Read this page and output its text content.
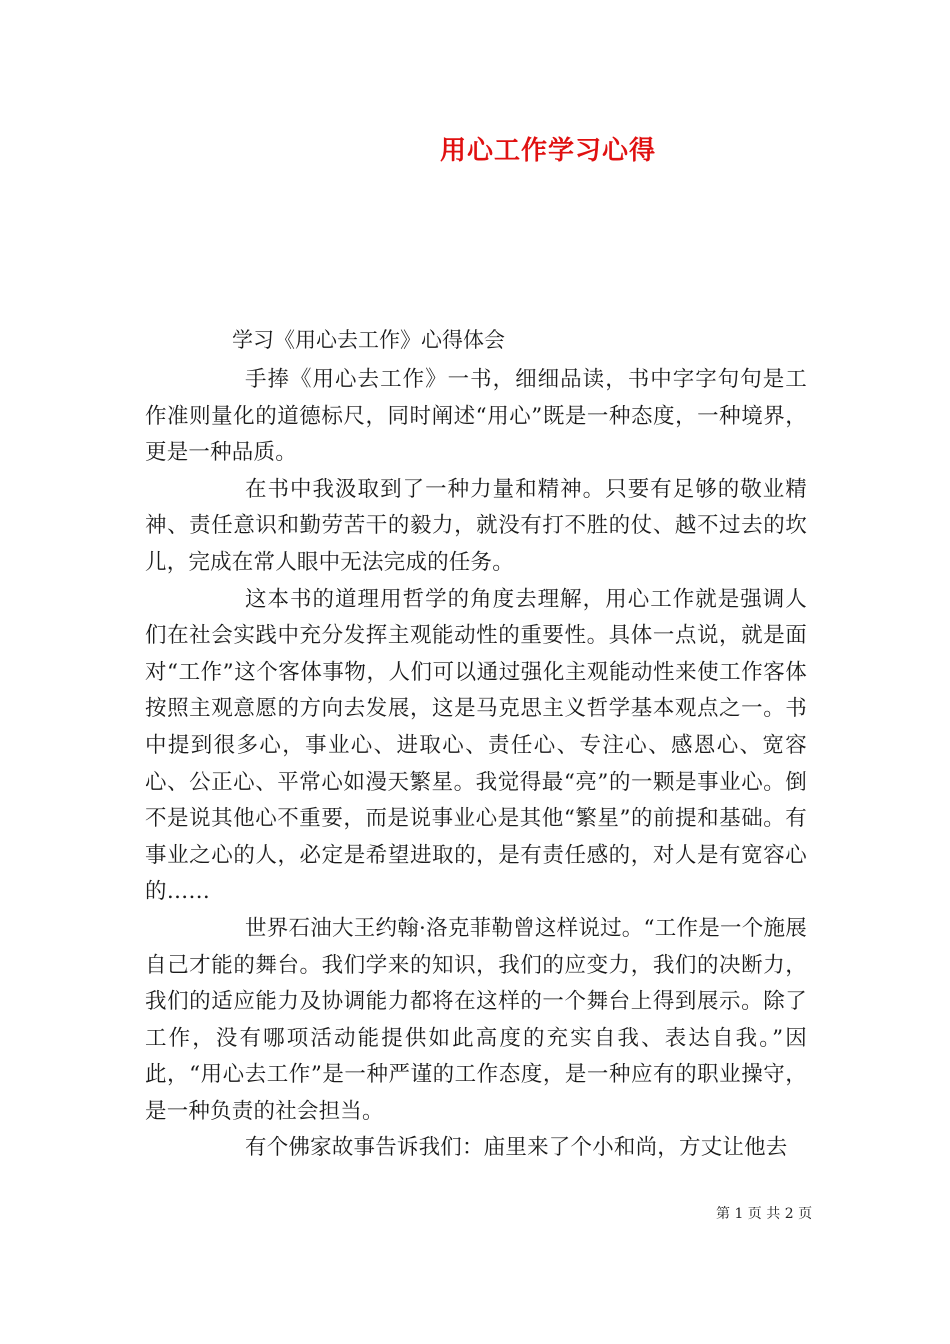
用心工作学习心得
学习《用心去工作》心得体会

手捧《用心去工作》一书，细细品读，书中字字句句是工作准则量化的道德标尺，同时阐述“用心”既是一种态度，一种境界，更是一种品质。

在书中我汲取到了一种力量和精神。只要有足够的敬业精神、责任意识和勤劳苦干的毅力，就没有打不胜的仗、越不过去的坎儿，完成在常人眼中无法完成的任务。

这本书的道理用哲学的角度去理解，用心工作就是强调人们在社会实践中充分发挥主观能动性的重要性。具体一点说，就是面对“工作”这个客体事物，人们可以通过强化主观能动性来使工作客体按照主观意愿的方向去发展，这是马克思主义哲学基本观点之一。书中提到很多心，事业心、进取心、责任心、专注心、感恩心、宽容心、公正心、平常心如漫天繁星。我觉得最“亮”的一颗是事业心。倒不是说其他心不重要，而是说事业心是其他“繁星”的前提和基础。有事业之心的人，必定是希望进取的，是有责任感的，对人是有宽容心的……

世界石油大王约翰·洛克菲勒曾这样说过。“工作是一个施展自己才能的舞台。我们学来的知识，我们的应变力，我们的决断力，我们的适应能力及协调能力都将在这样的一个舞台上得到展示。除了工作，没有哪项活动能提供如此高度的充实自我、表达自我。”因此，“用心去工作”是一种严谨的工作态度，是一种应有的职业操守，是一种负责的社会担当。

有个佛家故事告诉我们：庙里来了个小和尚，方丈让他去

第 1 页 共 2 页
